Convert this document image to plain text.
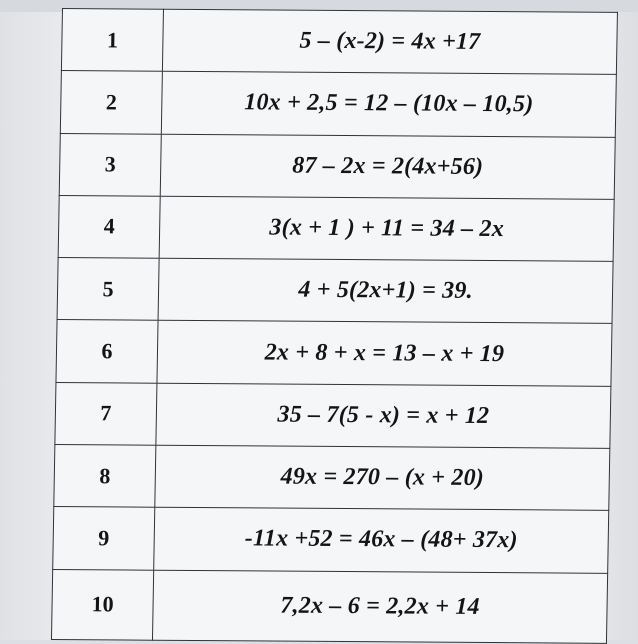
1	5 – (x-2) = 4x +17
2	10x + 2,5 = 12 – (10x – 10,5)
3	87 – 2x = 2(4x+56)
4	3(x + 1 ) + 11 = 34 – 2x
5	4 + 5(2x+1) = 39.
6	2x + 8 + x = 13 – x + 19
7	35 – 7(5 - x) = x + 12
8	49x = 270 – (x + 20)
9	-11x +52 = 46x – (48+ 37x)
10	7,2x – 6 = 2,2x + 14
